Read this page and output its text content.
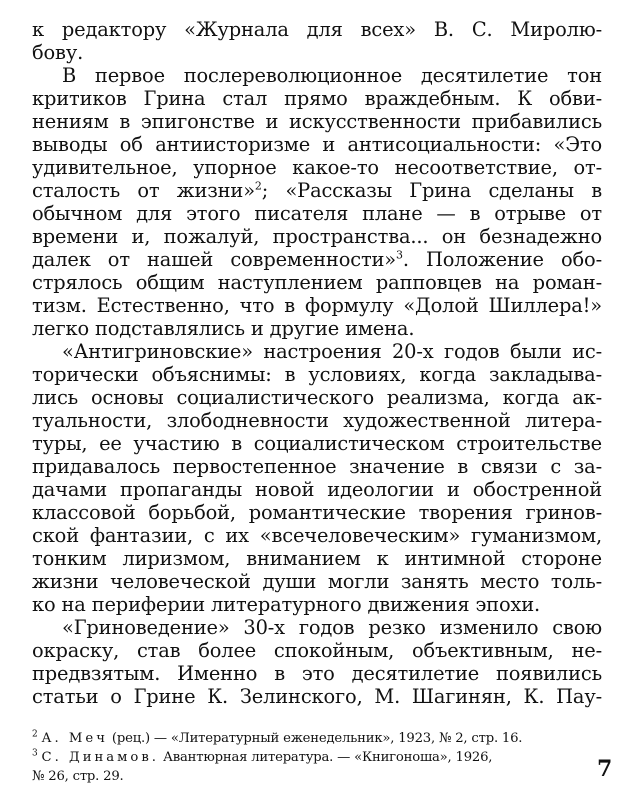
к редактору «Журнала для всех» В. С. Миролю-
бову.
В первое послереволюционное десятилетие тон
критиков Грина стал прямо враждебным. К обви-
нениям в эпигонстве и искусственности прибавились
выводы об антиисторизме и антисоциальности: «Это
удивительное, упорное какое-то несоответствие, от-
сталость от жизни»$^2$; «Рассказы Грина сделаны в
обычном для этого писателя плане — в отрыве от
времени и, пожалуй, пространства... он безнадежно
далек от нашей современности»$^3$. Положение обо-
стрялось общим наступлением рапповцев на роман-
тизм. Естественно, что в формулу «Долой Шиллера!»
легко подставлялись и другие имена.
«Антигриновские» настроения 20-х годов были ис-
торически объяснимы: в условиях, когда закладыва-
лись основы социалистического реализма, когда ак-
туальности, злободневности художественной литера-
туры, ее участию в социалистическом строительстве
придавалось первостепенное значение в связи с за-
дачами пропаганды новой идеологии и обостренной
классовой борьбой, романтические творения гринов-
ской фантазии, с их «всечеловеческим» гуманизмом,
тонким лиризмом, вниманием к интимной стороне
жизни человеческой души могли занять место толь-
ко на периферии литературного движения эпохи.
«Гриноведение» 30-х годов резко изменило свою
окраску, став более спокойным, объективным, не-
предвзятым. Именно в это десятилетие появились
статьи о Грине К. Зелинского, М. Шагинян, К. Пау-
$^2$ А. Меч (рец.) — «Литературный еженедельник», 1923, № 2, стр. 16.
$^3$ С. Динамов. Авантюрная литература. — «Книгоноша», 1926,
№ 26, стр. 29.	7
